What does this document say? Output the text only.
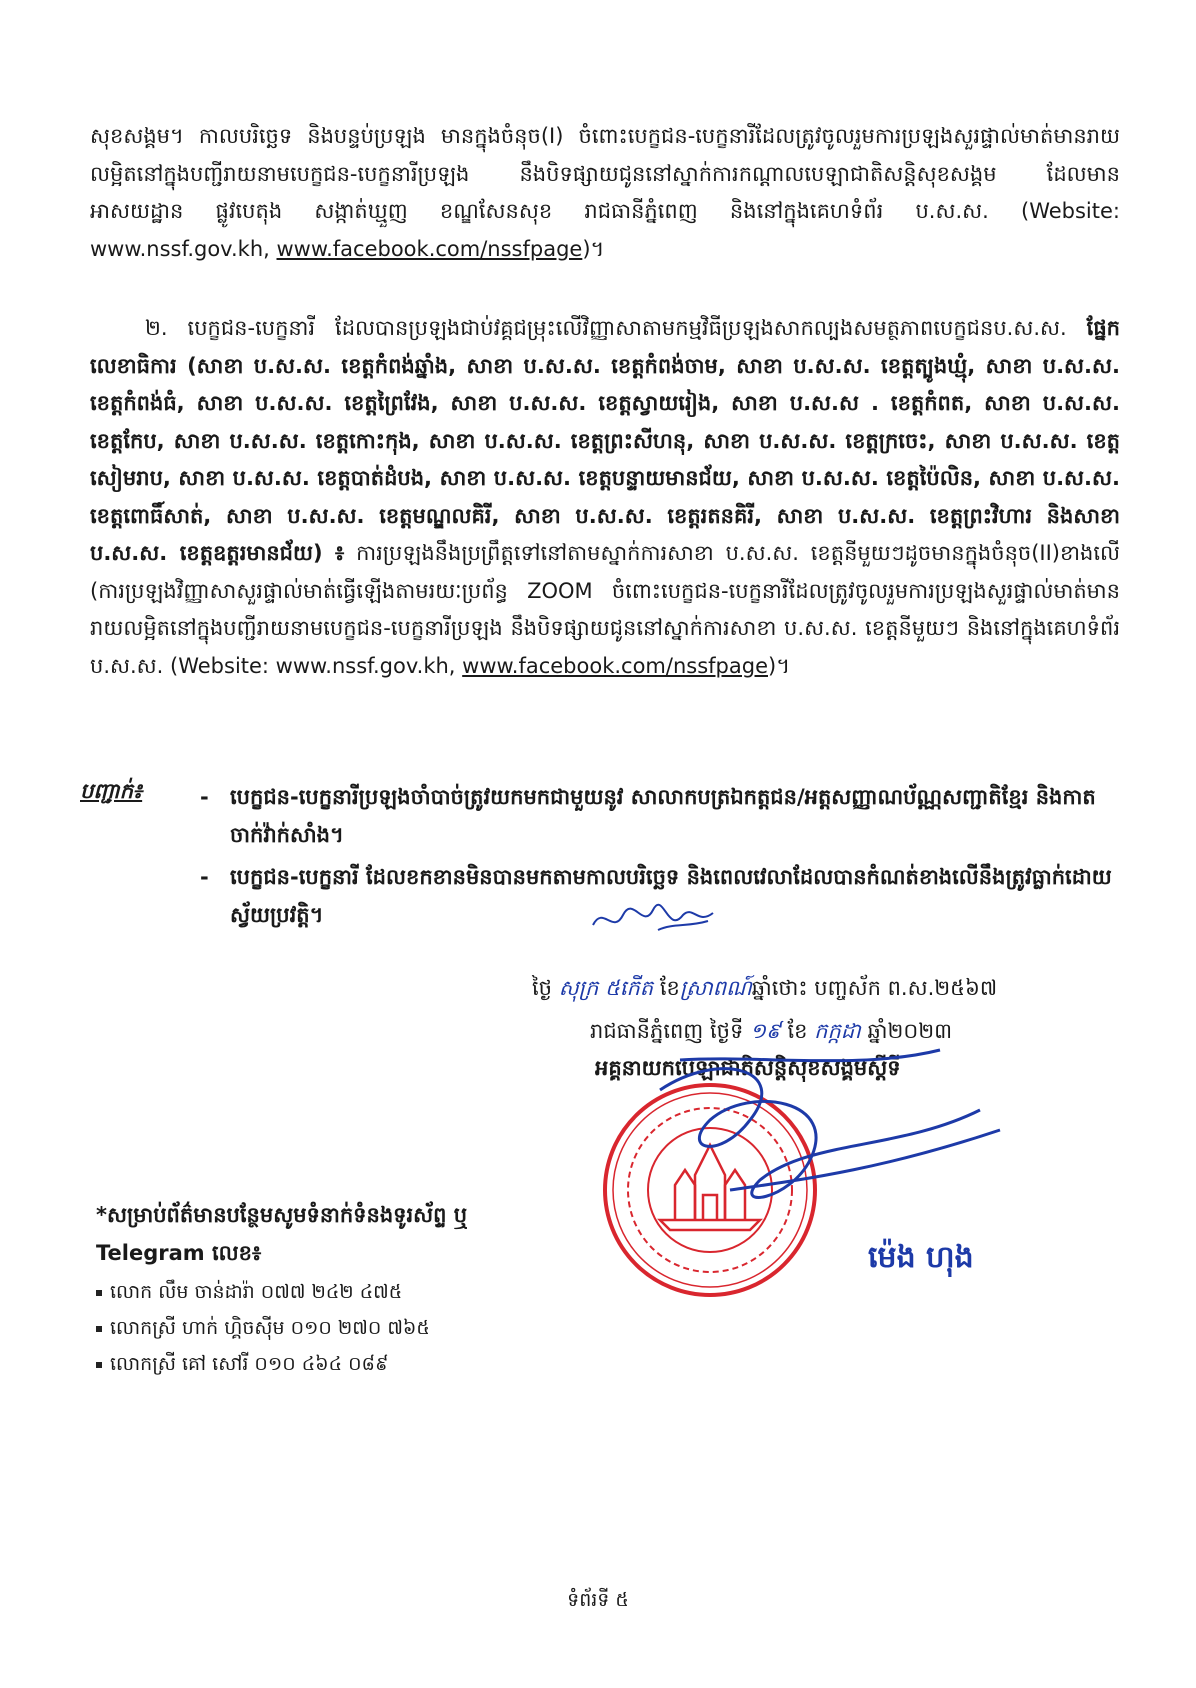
សុខសង្គម។ កាលបរិច្ឆេទ និងបន្ទប់ប្រឡង មានក្នុងចំនុច(I) ចំពោះបេក្ខជន-បេក្ខនារីដែលត្រូវចូលរួមការប្រឡងសួរផ្ទាល់មាត់មានរាយលម្អិតនៅក្នុងបញ្ជីរាយនាមបេក្ខជន-បេក្ខនារីប្រឡង នឹងបិទផ្សាយជូននៅស្នាក់ការកណ្តាលបេឡាជាតិសន្តិសុខសង្គម ដែលមានអាសយដ្ឋាន ផ្លូវបេតុង សង្កាត់ឃ្មួញ ខណ្ឌសែនសុខ រាជធានីភ្នំពេញ និងនៅក្នុងគេហទំព័រ ប.ស.ស. (Website: www.nssf.gov.kh, www.facebook.com/nssfpage)។

២. បេក្ខជន-បេក្ខនារី ដែលបានប្រឡងជាប់វគ្គជម្រុះលើវិញ្ញាសាតាមកម្មវិធីប្រឡងសាកល្បងសមត្ថភាពបេក្ខជនប.ស.ស. ផ្នែកលេខាធិការ (សាខា ប.ស.ស. ខេត្តកំពង់ឆ្នាំង, សាខា ប.ស.ស. ខេត្តកំពង់ចាម, សាខា ប.ស.ស. ខេត្តត្បូងឃ្មុំ, សាខា ប.ស.ស. ខេត្តកំពង់ធំ, សាខា ប.ស.ស. ខេត្តព្រៃវែង, សាខា ប.ស.ស. ខេត្តស្វាយរៀង, សាខា ប.ស.ស . ខេត្តកំពត, សាខា ប.ស.ស. ខេត្តកែប, សាខា ប.ស.ស. ខេត្តកោះកុង, សាខា ប.ស.ស. ខេត្តព្រះសីហនុ, សាខា ប.ស.ស. ខេត្តក្រចេះ, សាខា ប.ស.ស. ខេត្តសៀមរាប, សាខា ប.ស.ស. ខេត្តបាត់ដំបង, សាខា ប.ស.ស. ខេត្តបន្ទាយមានជ័យ, សាខា ប.ស.ស. ខេត្តប៉ៃលិន, សាខា ប.ស.ស. ខេត្តពោធិ៍សាត់, សាខា ប.ស.ស. ខេត្តមណ្ឌលគិរី, សាខា ប.ស.ស. ខេត្តរតនគិរី, សាខា ប.ស.ស. ខេត្តព្រះវិហារ និងសាខា ប.ស.ស. ខេត្តឧត្តរមានជ័យ) ៖ ការប្រឡងនឹងប្រព្រឹត្តទៅនៅតាមស្នាក់ការសាខា ប.ស.ស. ខេត្តនីមួយៗដូចមានក្នុងចំនុច(II)ខាងលើ (ការប្រឡងវិញ្ញាសាសួរផ្ទាល់មាត់ធ្វើឡើងតាមរយៈប្រព័ន្ធ ZOOM ចំពោះបេក្ខជន-បេក្ខនារីដែលត្រូវចូលរួមការប្រឡងសួរផ្ទាល់មាត់មានរាយលម្អិតនៅក្នុងបញ្ជីរាយនាមបេក្ខជន-បេក្ខនារីប្រឡង នឹងបិទផ្សាយជូននៅស្នាក់ការសាខា ប.ស.ស. ខេត្តនីមួយៗ និងនៅក្នុងគេហទំព័រ ប.ស.ស. (Website: www.nssf.gov.kh, www.facebook.com/nssfpage)។

បញ្ជាក់៖	- បេក្ខជន-បេក្ខនារីប្រឡងចាំបាច់ត្រូវយកមកជាមួយនូវ សាលាកបត្រឯកត្តជន/អត្តសញ្ញាណប័ណ្ណសញ្ជាតិខ្មែរ និងកាតចាក់វ៉ាក់សាំង។
- បេក្ខជន-បេក្ខនារី ដែលខកខានមិនបានមកតាមកាលបរិច្ឆេទ និងពេលវេលាដែលបានកំណត់ខាងលើនឹងត្រូវធ្លាក់ដោយស្វ័យប្រវត្តិ។
ថ្ងៃ សុក្រ ៥កើត ខែស្រាពណ៍ឆ្នាំថោះ បញ្ចស័ក ព.ស.២៥៦៧
រាជធានីភ្នំពេញ ថ្ងៃទី ១៩ ខែ កក្កដា ឆ្នាំ២០២៣
អគ្គនាយកបេឡាជាតិសន្តិសុខសង្គមស្តីទី
ម៉េង ហុង
*សម្រាប់ព័ត៌មានបន្ថែមសូមទំនាក់ទំនងទូរស័ព្ទ ឬ Telegram លេខ៖
លោក លឹម ចាន់ដារ៉ា ០៧៧ ២៤២ ៤៧៥
លោកស្រី ហាក់ ហ្គិចស៊ីម ០១០ ២៧០ ៧៦៥
លោកស្រី គៅ សៅរី ០១០ ៤៦៤ ០៨៩
ទំព័រទី ៥
